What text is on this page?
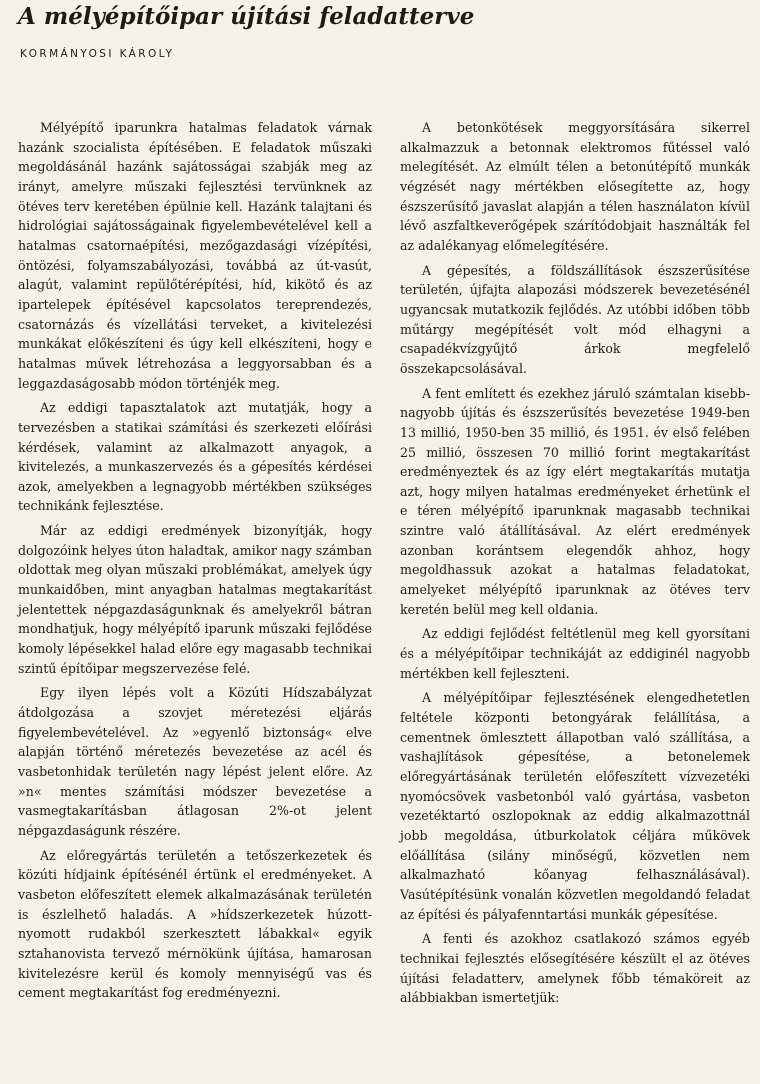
A mélyépítőipar újítási feladatterve
KORMÁNYOSI KÁROLY

Mélyépítő iparunkra hatalmas feladatok várnak hazánk szocialista építésében. E feladatok műszaki megoldásánál hazánk sajátosságai szabják meg az irányt, amelyre műszaki fejlesztési tervünknek az ötéves terv keretében épülnie kell. Hazánk talajtani és hidrológiai sajátosságainak figyelembevételével kell a hatalmas csatornaépítési, mezőgazdasági vízépítési, öntözési, folyamszabályozási, továbbá az út-vasút, alagút, valamint repülőtérépítési, híd, kikötő és az ipartelepek építésével kapcsolatos tereprendezés, csatornázás és vízellátási terveket, a kivitelezési munkákat előkészíteni és úgy kell elkészíteni, hogy e hatalmas művek létrehozása a leggyorsabban és a leggazdaságosabb módon történjék meg.

Az eddigi tapasztalatok azt mutatják, hogy a tervezésben a statikai számítási és szerkezeti előírási kérdések, valamint az alkalmazott anyagok, a kivitelezés, a munkaszervezés és a gépesítés kérdései azok, amelyekben a legnagyobb mértékben szükséges technikánk fejlesztése.

Már az eddigi eredmények bizonyítják, hogy dolgozóink helyes úton haladtak, amikor nagy számban oldottak meg olyan műszaki problémákat, amelyek úgy munkaidőben, mint anyagban hatalmas megtakarítást jelentettek népgazdaságunknak és amelyekről bátran mondhatjuk, hogy mélyépítő iparunk műszaki fejlődése komoly lépésekkel halad előre egy magasabb technikai szintű építőipar megszervezése felé.

Egy ilyen lépés volt a Közúti Hídszabályzat átdolgozása a szovjet méretezési eljárás figyelembevételével. Az »egyenlő biztonság« elve alapján történő méretezés bevezetése az acél és vasbetonhidak területén nagy lépést jelent előre. Az »n« mentes számítási módszer bevezetése a vasmegtakarításban átlagosan 2%-ot jelent népgazdaságunk részére.

Az előregyártás területén a tetőszerkezetek és közúti hídjaink építésénél értünk el eredményeket. A vasbeton előfeszített elemek alkalmazásának területén is észlelhető haladás. A »hídszerkezetek húzott-nyomott rudakból szerkesztett lábakkal« egyik sztahanovista tervező mérnökünk újítása, hamarosan kivitelezésre kerül és komoly mennyiségű vas és cement megtakarítást fog eredményezni.

A betonkötések meggyorsítására sikerrel alkalmazzuk a betonnak elektromos fűtéssel való melegítését. Az elmúlt télen a betonútépítő munkák végzését nagy mértékben elősegítette az, hogy észszerűsítő javaslat alapján a télen használaton kívül lévő aszfaltkeverőgépek szárítódobjait használták fel az adalékanyag előmelegítésére.

A gépesítés, a földszállítások észszerűsítése területén, újfajta alapozási módszerek bevezetésénél ugyancsak mutatkozik fejlődés. Az utóbbi időben több műtárgy megépítését volt mód elhagyni a csapadékvízgyűjtő árkok megfelelő összekapcsolásával.

A fent említett és ezekhez járuló számtalan kisebb-nagyobb újítás és észszerűsítés bevezetése 1949-ben 13 millió, 1950-ben 35 millió, és 1951. év első felében 25 millió, összesen 70 millió forint megtakarítást eredményeztek és az így elért megtakarítás mutatja azt, hogy milyen hatalmas eredményeket érhetünk el e téren mélyépítő iparunknak magasabb technikai szintre való átállításával. Az elért eredmények azonban korántsem elegendők ahhoz, hogy megoldhassuk azokat a hatalmas feladatokat, amelyeket mélyépítő iparunknak az ötéves terv keretén belül meg kell oldania.

Az eddigi fejlődést feltétlenül meg kell gyorsítani és a mélyépítőipar technikáját az eddiginél nagyobb mértékben kell fejleszteni.

A mélyépítőipar fejlesztésének elengedhetetlen feltétele központi betongyárak felállítása, a cementnek ömlesztett állapotban való szállítása, a vashajlítások gépesítése, a betonelemek előregyártásának területén előfeszített vízvezetéki nyomócsövek vasbetonból való gyártása, vasbeton vezetéktartó oszlopoknak az eddig alkalmazottnál jobb megoldása, útburkolatok céljára műkövek előállítása (silány minőségű, közvetlen nem alkalmazható kőanyag felhasználásával). Vasútépítésünk vonalán közvetlen megoldandó feladat az építési és pályafenntartási munkák gépesítése.

A fenti és azokhoz csatlakozó számos egyéb technikai fejlesztés elősegítésére készült el az ötéves újítási feladatterv, amelynek főbb témaköreit az alábbiakban ismertetjük:
